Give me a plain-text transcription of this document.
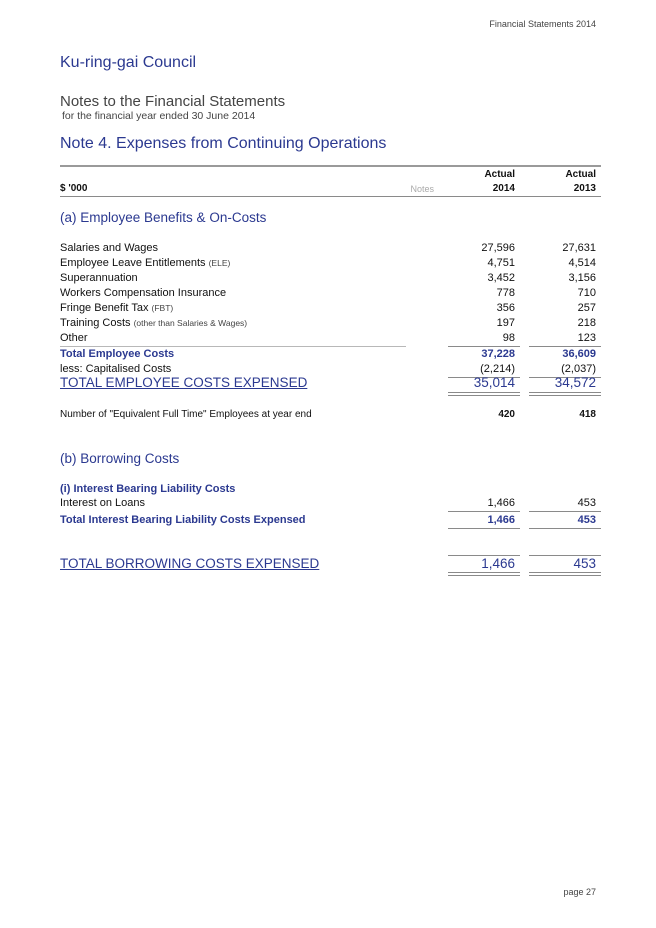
Financial Statements 2014
Ku-ring-gai Council
Notes to the Financial Statements
for the financial year ended 30 June 2014
Note 4. Expenses from Continuing Operations
Actual	Actual
$ '000	Notes	2014	2013
(a) Employee Benefits & On-Costs
Salaries and Wages	27,596	27,631
Employee Leave Entitlements (ELE)	4,751	4,514
Superannuation	3,452	3,156
Workers Compensation Insurance	778	710
Fringe Benefit Tax (FBT)	356	257
Training Costs (other than Salaries & Wages)	197	218
Other	98	123
Total Employee Costs	37,228	36,609
less: Capitalised Costs	(2,214)	(2,037)
TOTAL EMPLOYEE COSTS EXPENSED	35,014	34,572
Number of "Equivalent Full Time" Employees at year end	420	418
(b) Borrowing Costs
(i) Interest Bearing Liability Costs
Interest on Loans	1,466	453
Total Interest Bearing Liability Costs Expensed	1,466	453
TOTAL BORROWING COSTS EXPENSED	1,466	453
page 27
